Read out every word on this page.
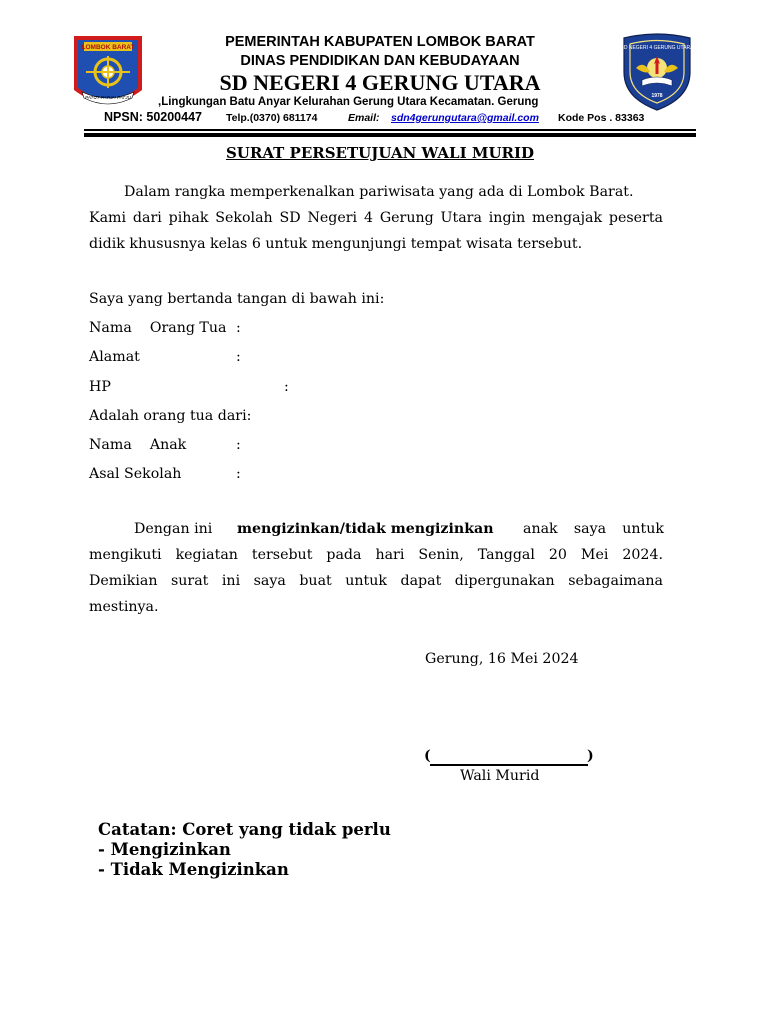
LOMBOK BARAT
PATUT PATUH PATJU
SD NEGERI 4 GERUNG UTARA
1978
PEMERINTAH KABUPATEN LOMBOK BARAT
DINAS PENDIDIKAN DAN KEBUDAYAAN
SD NEGERI 4 GERUNG UTARA
,Lingkungan Batu Anyar Kelurahan Gerung Utara Kecamatan. Gerung
NPSN: 50200447 Telp.(0370) 681174	Email: sdn4gerungutara@gmail.com Kode Pos . 83363
SURAT PERSETUJUAN WALI MURID
Dalam rangka memperkenalkan pariwisata yang ada di Lombok Barat.
Kami dari pihak Sekolah SD Negeri 4 Gerung Utara ingin mengajak peserta
didik khususnya kelas 6 untuk mengunjungi tempat wisata tersebut.
Saya yang bertanda tangan di bawah ini:
Nama    Orang Tua :
Alamat	:
HP	:
Adalah orang tua dari:
Nama    Anak	:
Asal Sekolah	:
Dengan ini mengizinkan/tidak mengizinkan anak saya untuk
mengikuti kegiatan tersebut pada hari Senin, Tanggal 20 Mei 2024.
Demikian surat ini saya buat untuk dapat dipergunakan sebagaimana
mestinya.
Gerung, 16 Mei 2024
(	)
Wali Murid
Catatan: Coret yang tidak perlu
- Mengizinkan
- Tidak Mengizinkan
